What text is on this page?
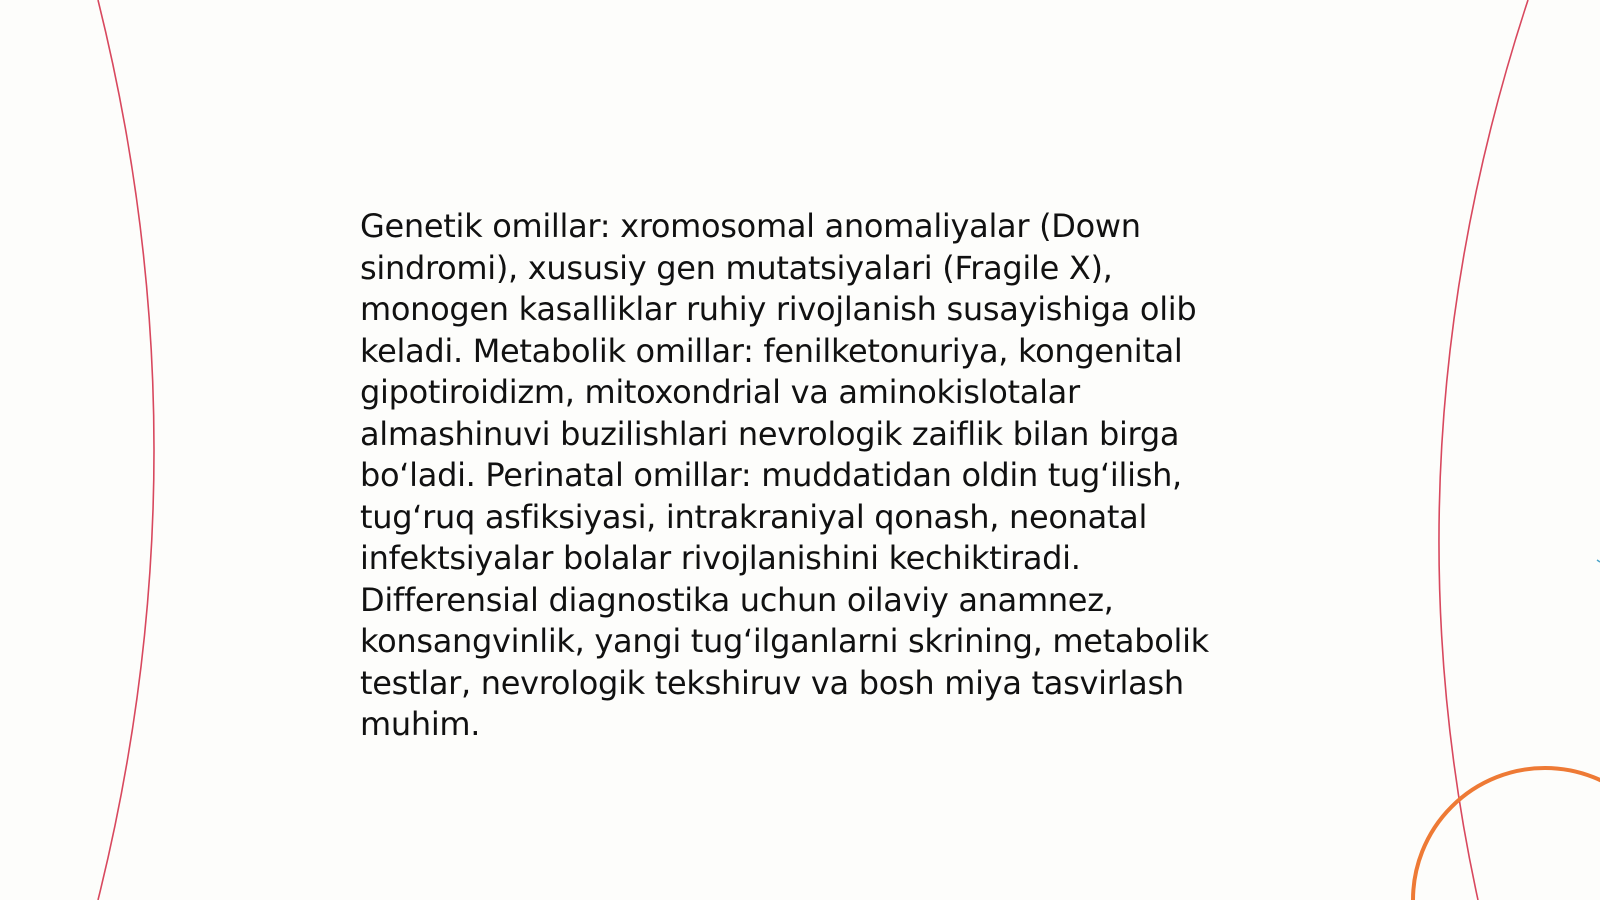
Genetik omillar: xromosomal anomaliyalar (Down
sindromi), xususiy gen mutatsiyalari (Fragile X),
monogen kasalliklar ruhiy rivojlanish susayishiga olib
keladi. Metabolik omillar: fenilketonuriya, kongenital
gipotiroidizm, mitoxondrial va aminokislotalar
almashinuvi buzilishlari nevrologik zaiflik bilan birga
boʻladi. Perinatal omillar: muddatidan oldin tugʻilish,
tugʻruq asfiksiyasi, intrakraniyal qonash, neonatal
infektsiyalar bolalar rivojlanishini kechiktiradi.
Differensial diagnostika uchun oilaviy anamnez,
konsangvinlik, yangi tugʻilganlarni skrining, metabolik
testlar, nevrologik tekshiruv va bosh miya tasvirlash
muhim.
